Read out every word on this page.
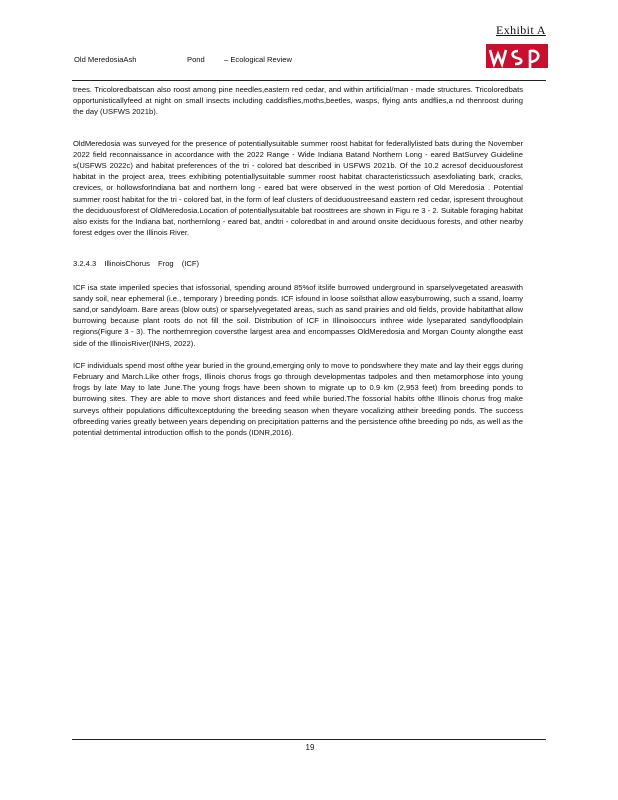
Exhibit A
Old MeredosiaAsh	Pond	– Ecological Review

trees. Tricoloredbatscan also roost among pine needles,eastern red cedar, and within artificial/man - made structures. Tricoloredbats opportunisticallyfeed at night on small insects including caddisflies,moths,beetles, wasps, flying ants andflies,a nd thenroost during the day (USFWS 2021b).

OldMeredosia was surveyed for the presence of potentiallysuitable summer roost habitat for federallylisted bats during the November 2022 field reconnaissance in accordance with the 2022 Range - Wide Indiana Batand Northern Long - eared BatSurvey Guideline s(USFWS 2022c) and habitat preferences of the tri - colored bat described in USFWS 2021b. Of the 10.2 acresof deciduousforest habitat in the project area, trees exhibiting potentiallysuitable summer roost habitat characteristicssuch asexfoliating bark, cracks, crevices, or hollowsforIndiana bat and northern long - eared bat were observed in the west portion of Old Meredosia . Potential summer roost habitat for the tri - colored bat, in the form of leaf clusters of deciduoustreesand eastern red cedar, ispresent throughout the deciduousforest of OldMeredosia.Location of potentiallysuitable bat roosttrees are shown in Figu re 3 - 2. Suitable foraging habitat also exists for the Indiana bat, northernlong - eared bat, andtri - coloredbat in and around onsite deciduous forests, and other nearby forest edges over the Illinois River.

3.2.4.3 IllinoisChorus Frog (ICF)

ICF isa state imperiled species that isfossorial, spending around 85%of itslife burrowed underground in sparselyvegetated areaswith sandy soil, near ephemeral (i.e., temporary ) breeding ponds. ICF isfound in loose soilsthat allow easyburrowing, such a ssand, loamy sand,or sandyloam. Bare areas (blow outs) or sparselyvegetated areas, such as sand prairies and old fields, provide habitatthat allow burrowing because plant roots do not fill the soil. Distribution of ICF in Illinoisoccurs inthree wide lyseparated sandyfloodplain regions(Figure 3 - 3). The northernregion coversthe largest area and encompasses OldMeredosia and Morgan County alongthe east side of the IllinoisRiver(INHS, 2022).

ICF individuals spend most ofthe year buried in the ground,emerging only to move to pondswhere they mate and lay their eggs during February and March.Like other frogs, Illinois chorus frogs go through developmentas tadpoles and then metamorphose into young frogs by late May to late June.The young frogs have been shown to migrate up to 0.9 km (2,953 feet) from breeding ponds to burrowing sites. They are able to move short distances and feed while buried.The fossorial habits ofthe Illinois chorus frog make surveys oftheir populations difficultexceptduring the breeding season when theyare vocalizing attheir breeding ponds. The success ofbreeding varies greatly between years depending on precipitation patterns and the persistence ofthe breeding po nds, as well as the potential detrimental introduction offish to the ponds (IDNR,2016).

19
